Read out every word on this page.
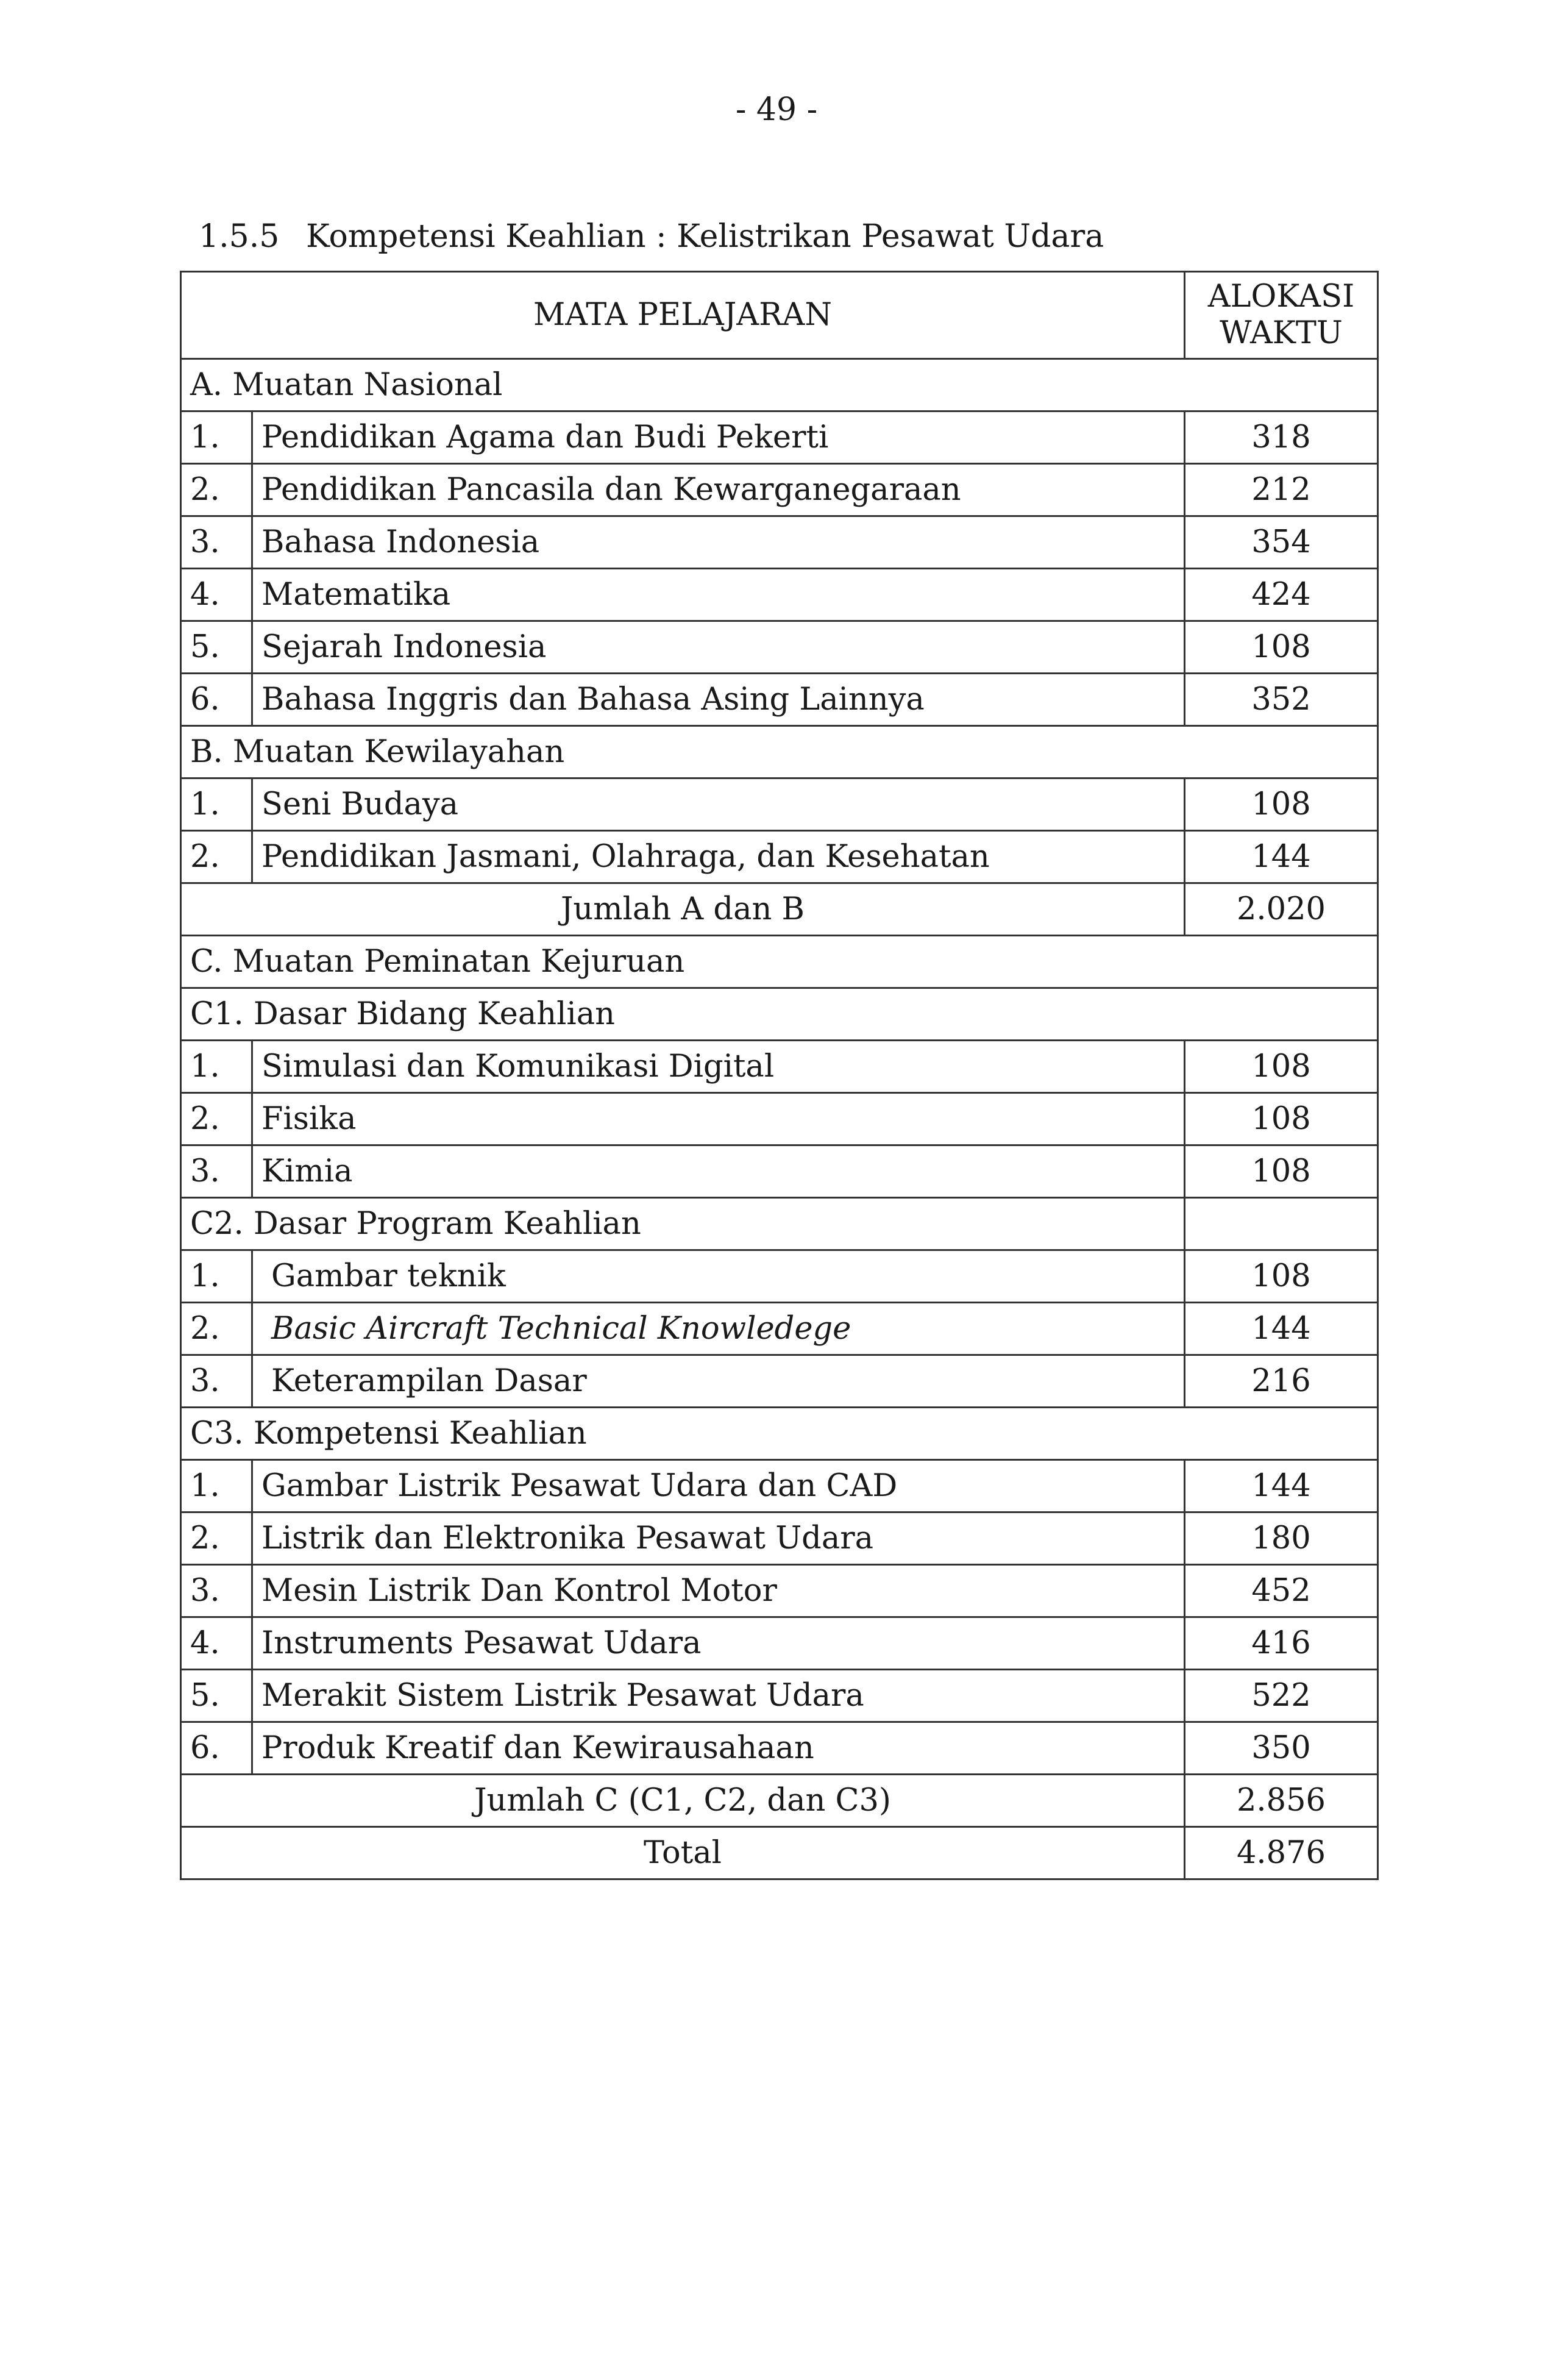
- 49 -
1.5.5 Kompetensi Keahlian : Kelistrikan Pesawat Udara
MATA PELAJARAN		ALOKASI
WAKTU
A. Muatan Nasional		
1.	Pendidikan Agama dan Budi Pekerti	318
2.	Pendidikan Pancasila dan Kewarganegaraan	212
3.	Bahasa Indonesia	354
4.	Matematika	424
5.	Sejarah Indonesia	108
6.	Bahasa Inggris dan Bahasa Asing Lainnya	352
B. Muatan Kewilayahan		
1.	Seni Budaya	108
2.	Pendidikan Jasmani, Olahraga, dan Kesehatan	144
Jumlah A dan B		2.020
C. Muatan Peminatan Kejuruan		
C1. Dasar Bidang Keahlian		
1.	Simulasi dan Komunikasi Digital	108
2.	Fisika	108
3.	Kimia	108
C2. Dasar Program Keahlian		
1.	Gambar teknik	108
2.	Basic Aircraft Technical Knowledege	144
3.	Keterampilan Dasar	216
C3. Kompetensi Keahlian		
1.	Gambar Listrik Pesawat Udara dan CAD	144
2.	Listrik dan Elektronika Pesawat Udara	180
3.	Mesin Listrik Dan Kontrol Motor	452
4.	Instruments Pesawat Udara	416
5.	Merakit Sistem Listrik Pesawat Udara	522
6.	Produk Kreatif dan Kewirausahaan	350
Jumlah C (C1, C2, dan C3)		2.856
Total		4.876
